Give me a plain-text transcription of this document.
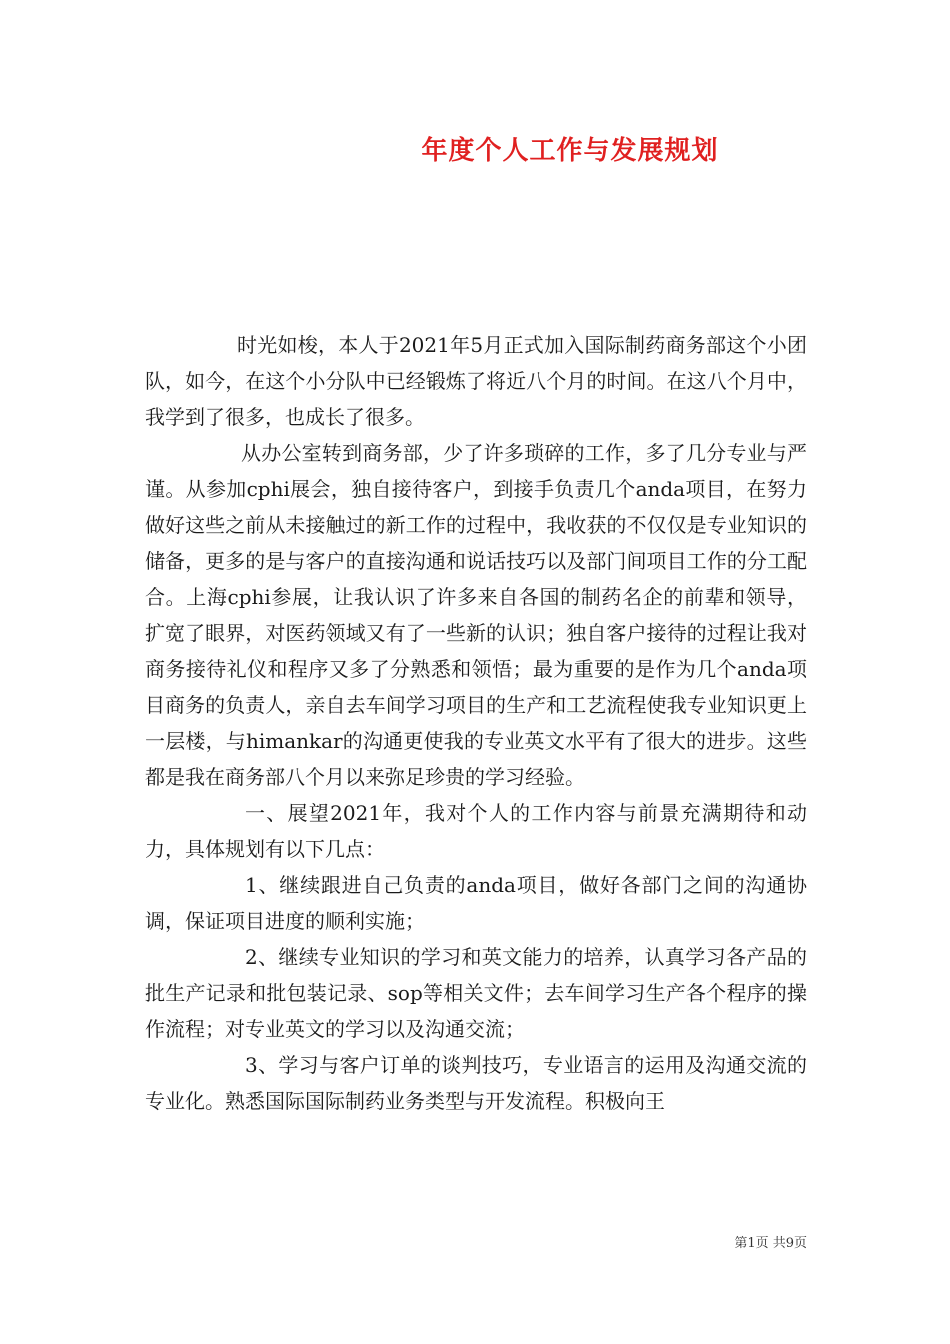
年度个人工作与发展规划

时光如梭，本人于2021年5月正式加入国际制药商务部这个小团队，如今，在这个小分队中已经锻炼了将近八个月的时间。在这八个月中，我学到了很多，也成长了很多。

从办公室转到商务部，少了许多琐碎的工作，多了几分专业与严谨。从参加cphi展会，独自接待客户，到接手负责几个anda项目，在努力做好这些之前从未接触过的新工作的过程中，我收获的不仅仅是专业知识的储备，更多的是与客户的直接沟通和说话技巧以及部门间项目工作的分工配合。上海cphi参展，让我认识了许多来自各国的制药名企的前辈和领导，扩宽了眼界，对医药领域又有了一些新的认识；独自客户接待的过程让我对商务接待礼仪和程序又多了分熟悉和领悟；最为重要的是作为几个anda项目商务的负责人，亲自去车间学习项目的生产和工艺流程使我专业知识更上一层楼，与himankar的沟通更使我的专业英文水平有了很大的进步。这些都是我在商务部八个月以来弥足珍贵的学习经验。

一、展望2021年，我对个人的工作内容与前景充满期待和动力，具体规划有以下几点：

1、继续跟进自己负责的anda项目，做好各部门之间的沟通协调，保证项目进度的顺利实施；

2、继续专业知识的学习和英文能力的培养，认真学习各产品的批生产记录和批包装记录、sop等相关文件；去车间学习生产各个程序的操作流程；对专业英文的学习以及沟通交流；

3、学习与客户订单的谈判技巧，专业语言的运用及沟通交流的专业化。熟悉国际国际制药业务类型与开发流程。积极向王

第1页 共9页
